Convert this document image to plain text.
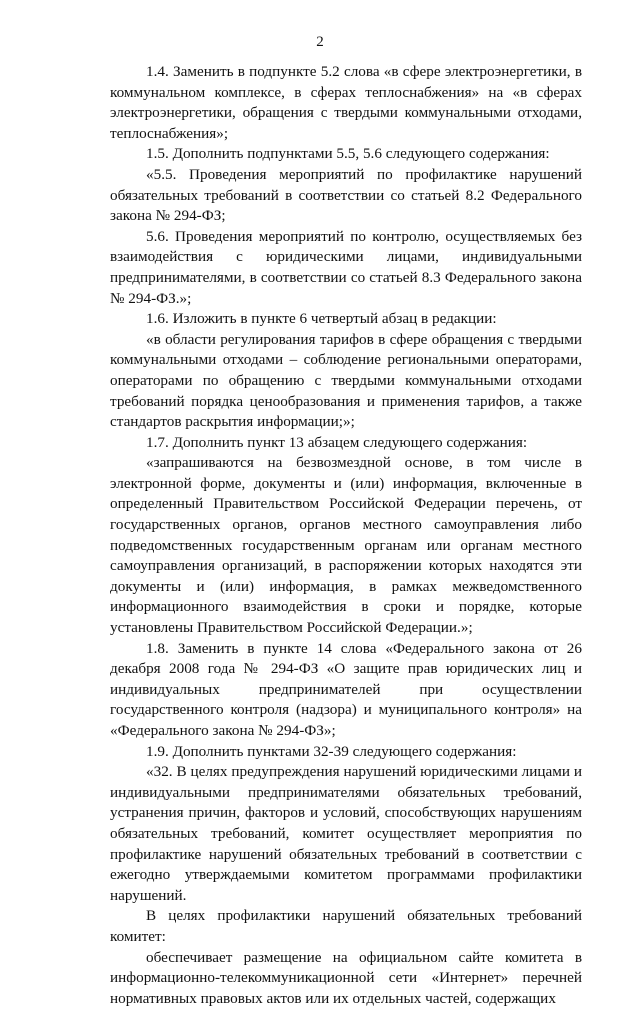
2

1.4. Заменить в подпункте 5.2 слова «в сфере электроэнергетики, в коммунальном комплексе, в сферах теплоснабжения» на «в сферах электроэнергетики, обращения с твердыми коммунальными отходами, теплоснабжения»;

1.5. Дополнить подпунктами 5.5, 5.6 следующего содержания:

«5.5. Проведения мероприятий по профилактике нарушений обязательных требований в соответствии со статьей 8.2 Федерального закона № 294-ФЗ;

5.6. Проведения мероприятий по контролю, осуществляемых без взаимодействия с юридическими лицами, индивидуальными предпринимателями, в соответствии со статьей 8.3 Федерального закона № 294-ФЗ.»;

1.6. Изложить в пункте 6 четвертый абзац в редакции:

«в области регулирования тарифов в сфере обращения с твердыми коммунальными отходами – соблюдение региональными операторами, операторами по обращению с твердыми коммунальными отходами требований порядка ценообразования и применения тарифов, а также стандартов раскрытия информации;»;

1.7. Дополнить пункт 13 абзацем следующего содержания:

«запрашиваются на безвозмездной основе, в том числе в электронной форме, документы и (или) информация, включенные в определенный Правительством Российской Федерации перечень, от государственных органов, органов местного самоуправления либо подведомственных государственным органам или органам местного самоуправления организаций, в распоряжении которых находятся эти документы и (или) информация, в рамках межведомственного информационного взаимодействия в сроки и порядке, которые установлены Правительством Российской Федерации.»;

1.8. Заменить в пункте 14 слова «Федерального закона от 26 декабря 2008 года № 294-ФЗ «О защите прав юридических лиц и индивидуальных предпринимателей при осуществлении государственного контроля (надзора) и муниципального контроля» на «Федерального закона № 294-ФЗ»;

1.9. Дополнить пунктами 32-39 следующего содержания:

«32. В целях предупреждения нарушений юридическими лицами и индивидуальными предпринимателями обязательных требований, устранения причин, факторов и условий, способствующих нарушениям обязательных требований, комитет осуществляет мероприятия по профилактике нарушений обязательных требований в соответствии с ежегодно утверждаемыми комитетом программами профилактики нарушений.

В целях профилактики нарушений обязательных требований комитет:

обеспечивает размещение на официальном сайте комитета в информационно-телекоммуникационной сети «Интернет» перечней нормативных правовых актов или их отдельных частей, содержащих
